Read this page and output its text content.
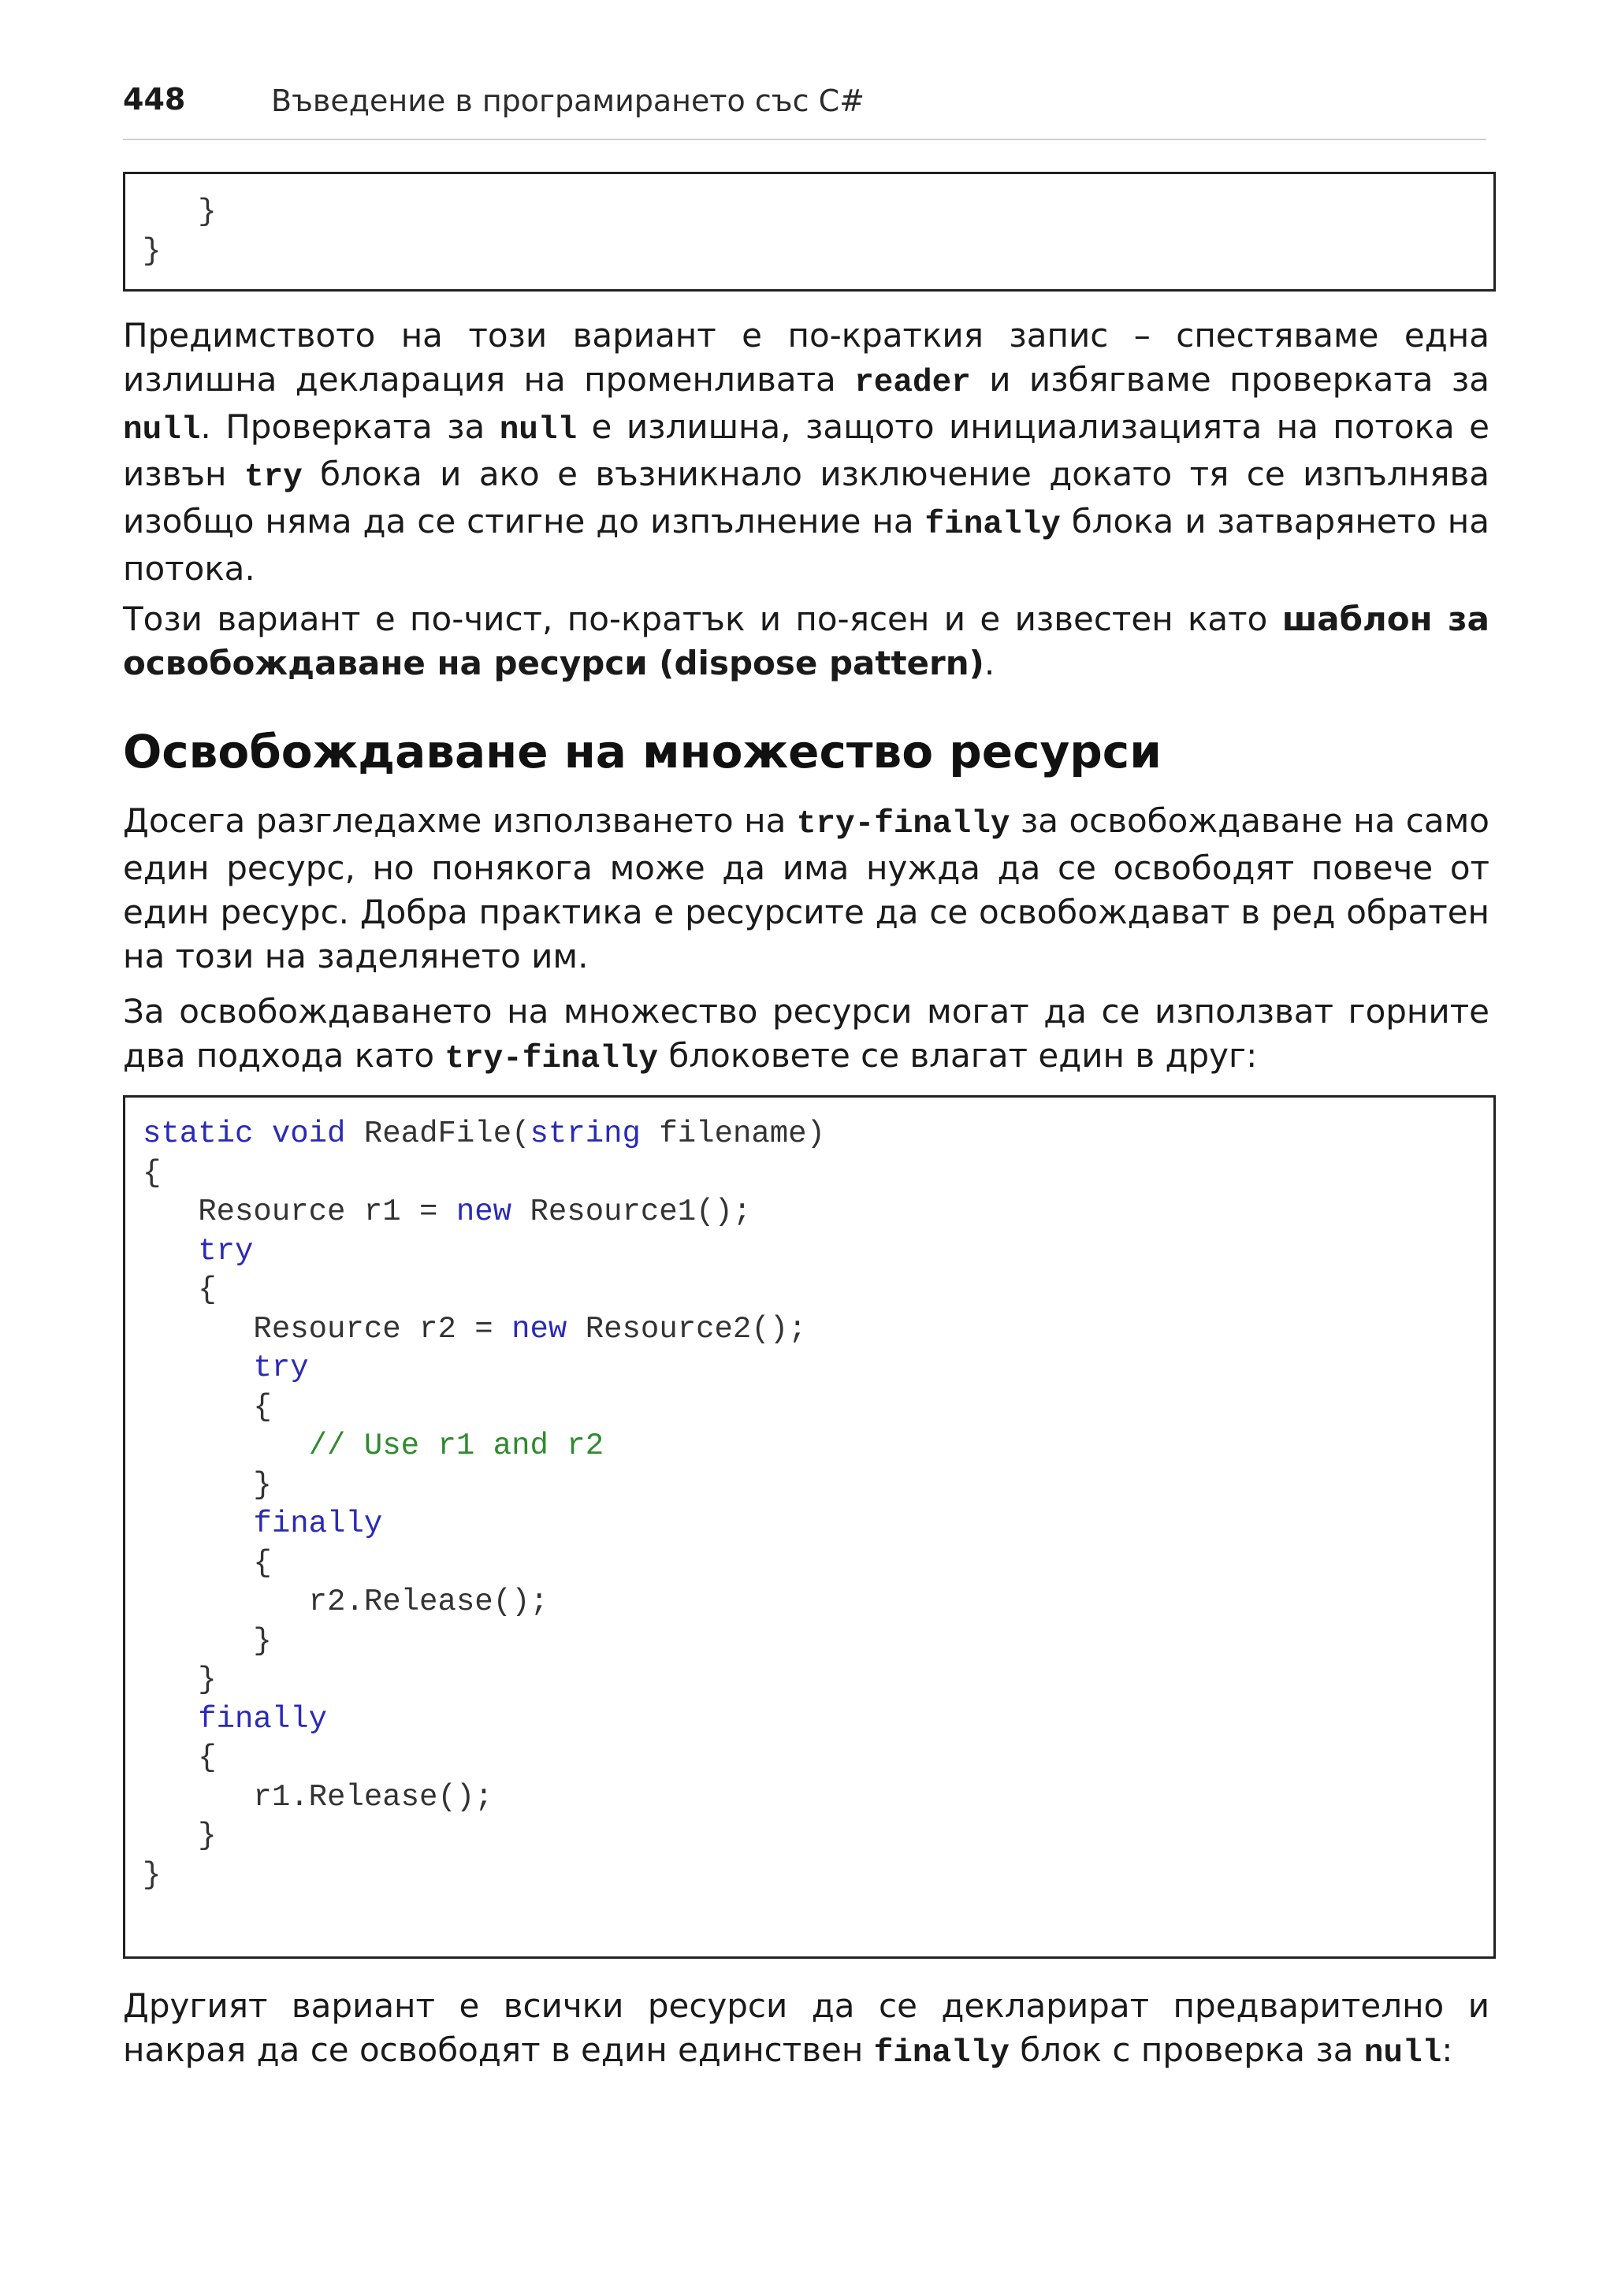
448	Въведение в програмирането със C#
}
}

Предимството на този вариант е по-краткия запис – спестяваме една излишна декларация на променливата reader и избягваме проверката за null. Проверката за null е излишна, защото инициализацията на потока е извън try блока и ако е възникнало изключение докато тя се изпълнява изобщо няма да се стигне до изпълнение на finally блока и затварянето на потока.

Този вариант е по-чист, по-кратък и по-ясен и е известен като шаблон за освобождаване на ресурси (dispose pattern).

Освобождаване на множество ресурси

Досега разгледахме използването на try-finally за освобождаване на само един ресурс, но понякога може да има нужда да се освободят повече от един ресурс. Добра практика е ресурсите да се освобождават в ред обратен на този на заделянето им.

За освобождаването на множество ресурси могат да се използват горните два подхода като try-finally блоковете се влагат един в друг:

static void ReadFile(string filename)
{
Resource r1 = new Resource1();
try
{
Resource r2 = new Resource2();
try
{
// Use r1 and r2
}
finally
{
r2.Release();
}
}
finally
{
r1.Release();
}
}

Другият вариант е всички ресурси да се декларират предварително и накрая да се освободят в един единствен finally блок с проверка за null:
